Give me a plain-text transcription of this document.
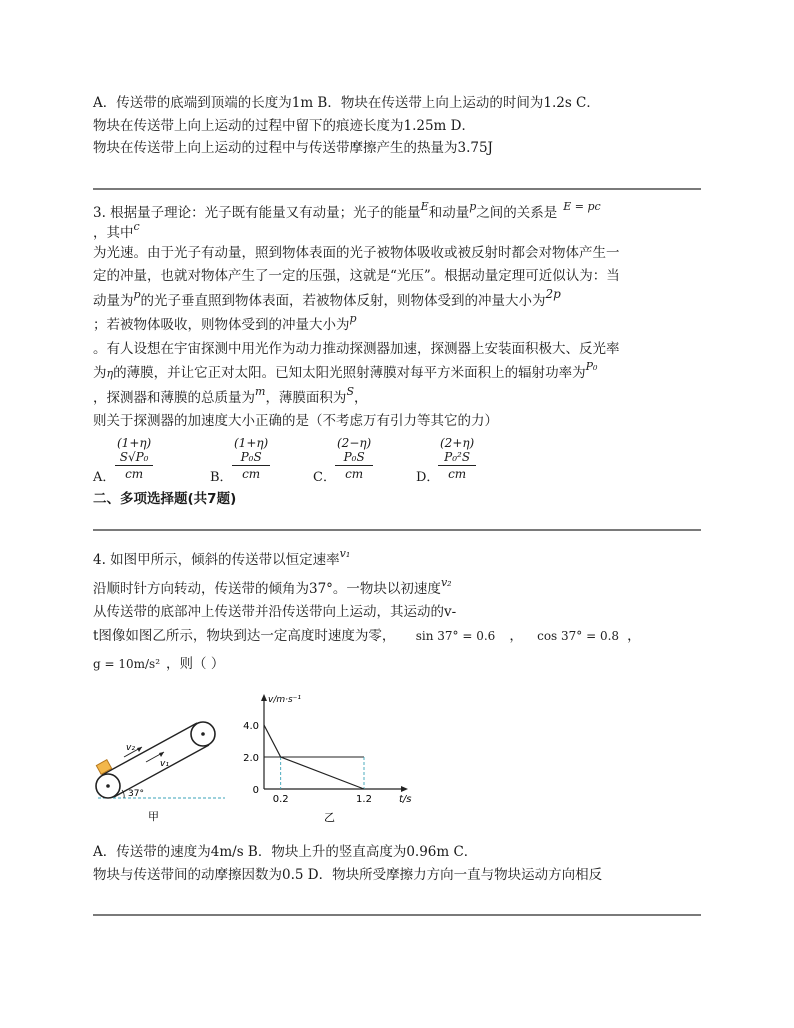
A．传送带的底端到顶端的长度为1m B．物块在传送带上向上运动的时间为1.2s C．
物块在传送带上向上运动的过程中留下的痕迹长度为1.25m D．
物块在传送带上向上运动的过程中与传送带摩擦产生的热量为3.75J
3. 根据量子理论：光子既有能量又有动量；光子的能量$^E$和动量$^p$之间的关系是 $^{E = pc}$
，其中$^c$
为光速。由于光子有动量，照到物体表面的光子被物体吸收或被反射时都会对物体产生一
定的冲量，也就对物体产生了一定的压强，这就是“光压”。根据动量定理可近似认为：当
动量为$^p$的光子垂直照到物体表面，若被物体反射，则物体受到的冲量大小为2p
；若被物体吸收，则物体受到的冲量大小为$^p$
。有人设想在宇宙探测中用光作为动力推动探测器加速，探测器上安装面积极大、反光率
为η的薄膜，并让它正对太阳。已知太阳光照射薄膜对每平方米面积上的辐射功率为$^{P_0}$
，探测器和薄膜的总质量为$^m$，薄膜面积为$^S$，
则关于探测器的加速度大小正确的是（不考虑万有引力等其它的力）
A． $\frac{\text{(1+η) S√P₀}}{cm}$	B． $\frac{\text{(1+η) P₀S}}{cm}$	C． $\frac{\text{(2−η) P₀S}}{cm}$	D．
$\frac{\text{(2+η) P₀²S}}{cm}$
二、多项选择题(共7题)
4. 如图甲所示，倾斜的传送带以恒定速率$^{v_1}$
沿顺时针方向转动，传送带的倾角为37°。一物块以初速度$^{v_2}$
从传送带的底部冲上传送带并沿传送带向上运动，其运动的v-
t图像如图乙所示，物块到达一定高度时速度为零， sin 37° = 0.6 ， cos 37° = 0.8 ，
g = 10m/s² ，则（ ）
v₂
v₁
37°
甲
v/m·s⁻¹
t/s
4.0
2.0
0
0.2	1.2
乙
A．传送带的速度为4m/s B．物块上升的竖直高度为0.96m C．
物块与传送带间的动摩擦因数为0.5 D．物块所受摩擦力方向一直与物块运动方向相反
